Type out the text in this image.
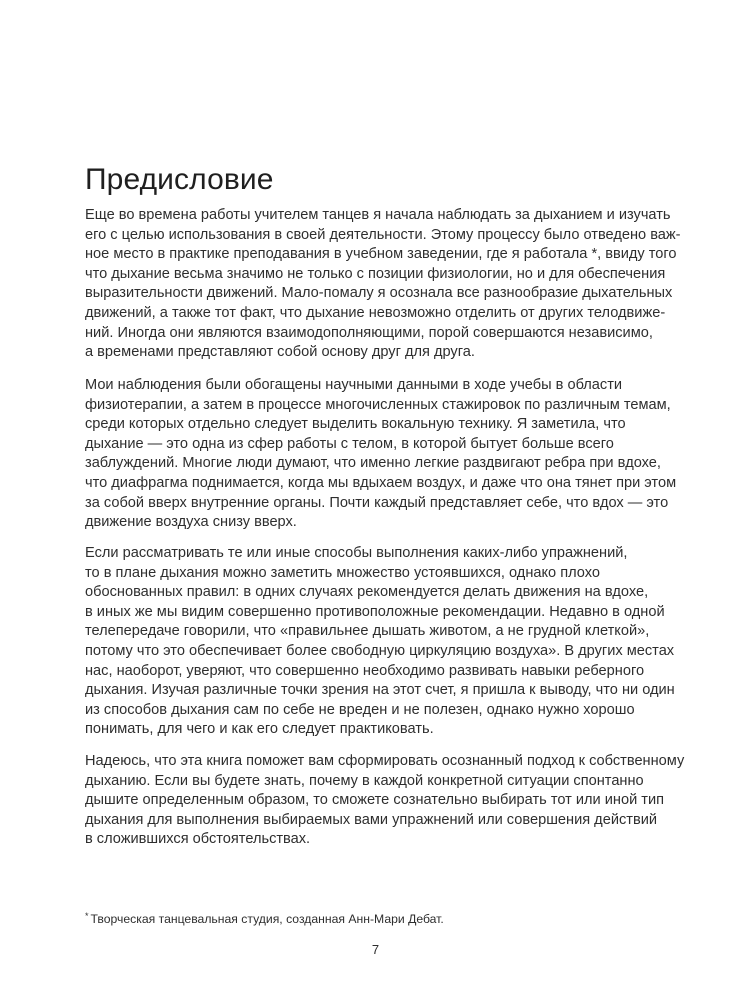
Предисловие

Еще во времена работы учителем танцев я начала наблюдать за дыханием и изучать
его с целью использования в своей деятельности. Этому процессу было отведено важ-
ное место в практике преподавания в учебном заведении, где я работала *, ввиду того
что дыхание весьма значимо не только с позиции физиологии, но и для обеспечения
выразительности движений. Мало-помалу я осознала все разнообразие дыхательных
движений, а также тот факт, что дыхание невозможно отделить от других телодвиже-
ний. Иногда они являются взаимодополняющими, порой совершаются независимо,
а временами представляют собой основу друг для друга.

Мои наблюдения были обогащены научными данными в ходе учебы в области
физиотерапии, а затем в процессе многочисленных стажировок по различным темам,
среди которых отдельно следует выделить вокальную технику. Я заметила, что
дыхание — это одна из сфер работы с телом, в которой бытует больше всего
заблуждений. Многие люди думают, что именно легкие раздвигают ребра при вдохе,
что диафрагма поднимается, когда мы вдыхаем воздух, и даже что она тянет при этом
за собой вверх внутренние органы. Почти каждый представляет себе, что вдох — это
движение воздуха снизу вверх.

Если рассматривать те или иные способы выполнения каких-либо упражнений,
то в плане дыхания можно заметить множество устоявшихся, однако плохо
обоснованных правил: в одних случаях рекомендуется делать движения на вдохе,
в иных же мы видим совершенно противоположные рекомендации. Недавно в одной
телепередаче говорили, что «правильнее дышать животом, а не грудной клеткой»,
потому что это обеспечивает более свободную циркуляцию воздуха». В других местах
нас, наоборот, уверяют, что совершенно необходимо развивать навыки реберного
дыхания. Изучая различные точки зрения на этот счет, я пришла к выводу, что ни один
из способов дыхания сам по себе не вреден и не полезен, однако нужно хорошо
понимать, для чего и как его следует практиковать.

Надеюсь, что эта книга поможет вам сформировать осознанный подход к собственному
дыханию. Если вы будете знать, почему в каждой конкретной ситуации спонтанно
дышите определенным образом, то сможете сознательно выбирать тот или иной тип
дыхания для выполнения выбираемых вами упражнений или совершения действий
в сложившихся обстоятельствах.

* Творческая танцевальная студия, созданная Анн-Мари Дебат.

7
